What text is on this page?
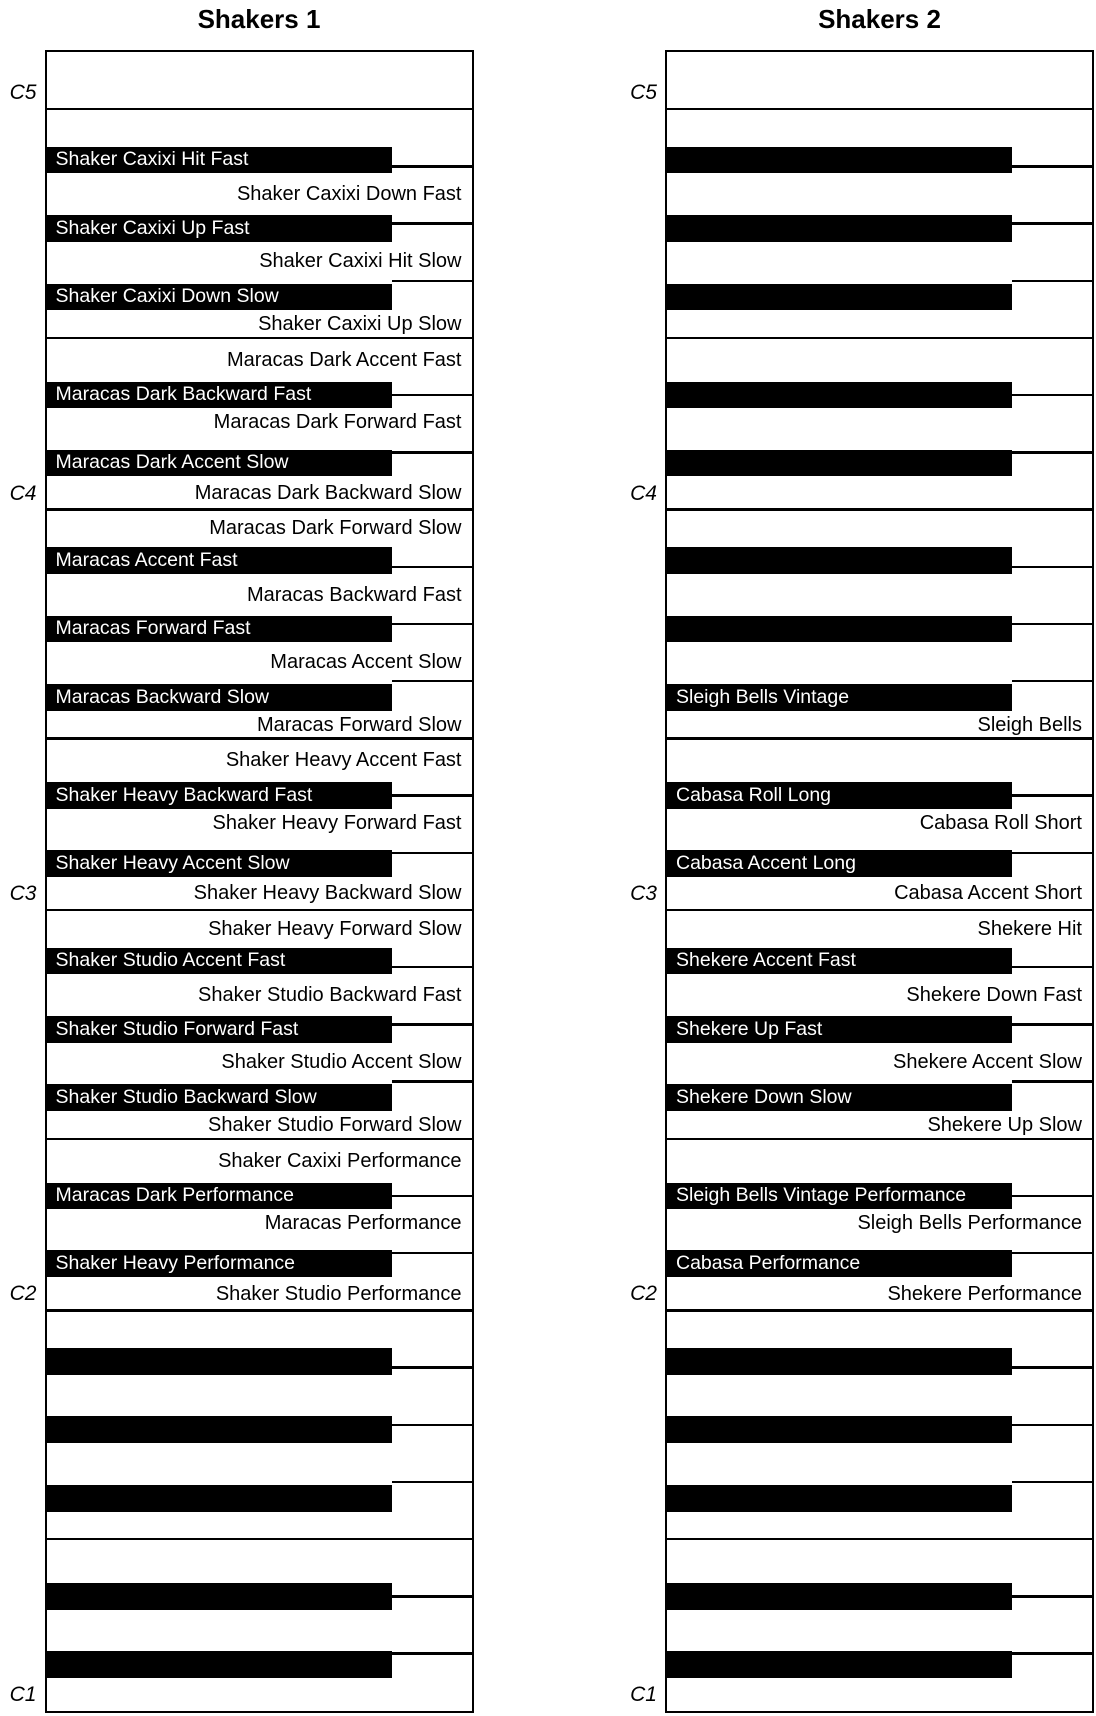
Shakers 1	Shakers 2
Shaker Caxixi Hit Fast
Shaker Caxixi Down Fast
Shaker Caxixi Up Fast
Shaker Caxixi Hit Slow
Shaker Caxixi Down Slow
Shaker Caxixi Up Slow
Maracas Dark Accent Fast
Maracas Dark Backward Fast
Maracas Dark Forward Fast
Maracas Dark Accent Slow
Maracas Dark Backward Slow
Maracas Dark Forward Slow
Maracas Accent Fast
Maracas Backward Fast
Maracas Forward Fast
Maracas Accent Slow
Maracas Backward Slow
Maracas Forward Slow
Shaker Heavy Accent Fast
Shaker Heavy Backward Fast
Shaker Heavy Forward Fast
Shaker Heavy Accent Slow
Shaker Heavy Backward Slow
Shaker Heavy Forward Slow
Shaker Studio Accent Fast
Shaker Studio Backward Fast
Shaker Studio Forward Fast
Shaker Studio Accent Slow
Shaker Studio Backward Slow
Shaker Studio Forward Slow
Shaker Caxixi Performance
Maracas Dark Performance
Maracas Performance
Shaker Heavy Performance
Shaker Studio Performance
C5
C4
C3
C2
C1
Sleigh Bells Vintage
Sleigh Bells
Cabasa Roll Long
Cabasa Roll Short
Cabasa Accent Long
Cabasa Accent Short
Shekere Hit
Shekere Accent Fast
Shekere Down Fast
Shekere Up Fast
Shekere Accent Slow
Shekere Down Slow
Shekere Up Slow
Sleigh Bells Vintage Performance
Sleigh Bells Performance
Cabasa Performance
Shekere Performance
C5
C4
C3
C2
C1
